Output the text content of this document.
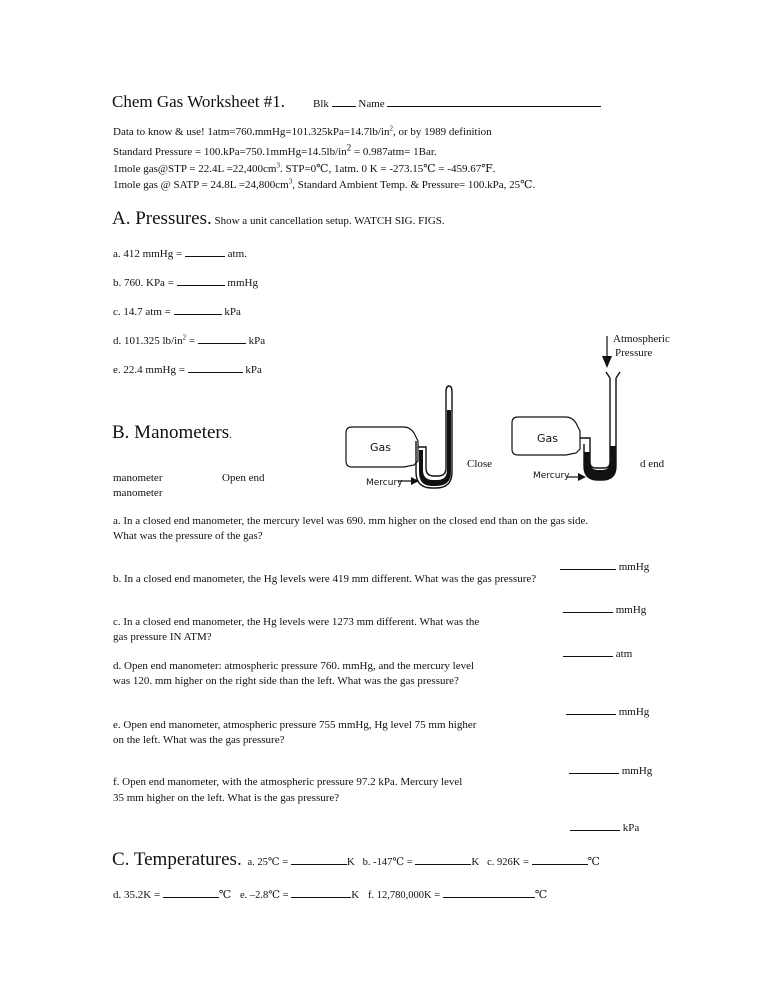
Chem Gas Worksheet #1.	Blk	Name
Data to know & use! $1atm=760.mmHg=101.325kPa=14.7lb/in^2$, or by 1989 definition
Standard Pressure = $100.kPa=750.1mmHg=14.5lb/in^2 = 0.987atm= 1Bar$.
1mole gas@STP = $22.4L =22,400cm^3$. STP=0℃, 1atm. 0 K = -273.15℃ = -459.67℉.
1mole gas @ SATP = $24.8L =24,800cm^3$, Standard Ambient Temp. & Pressure= 100.kPa, 25℃.
A. Pressures. Show a unit cancellation setup. WATCH SIG. FIGS.
a. 412 mmHg =	atm.
b. 760. KPa =	mmHg
c. 14.7 atm =	kPa
d. 101.325 $lb/in^2$ =	kPa
e. 22.4 mmHg =	kPa
Atmospheric
Pressure
Gas
Gas
Mercury
Mercury
Close	d end
B. Manometers.
manometer	Open end
manometer
a. In a closed end manometer, the mercury level was 690. mm higher on the closed end than on the gas side.
What was the pressure of the gas?
mmHg
b. In a closed end manometer, the Hg levels were 419 mm different. What was the gas pressure?
mmHg
c. In a closed end manometer, the Hg levels were 1273 mm different. What was the
gas pressure IN ATM?
atm
d. Open end manometer: atmospheric pressure 760. mmHg, and the mercury level
was 120. mm higher on the right side than the left. What was the gas pressure?
mmHg
e. Open end manometer, atmospheric pressure 755 mmHg, Hg level 75 mm higher
on the left. What was the gas pressure?
mmHg
f. Open end manometer, with the atmospheric pressure 97.2 kPa. Mercury level
35 mm higher on the left. What is the gas pressure?
kPa
C. Temperatures. a. 25℃ =	K b. -147℃ =	K c. 926K =	℃
d. 35.2K =	℃ e. –2.8℃ =	K f. 12,780,000K =	℃
